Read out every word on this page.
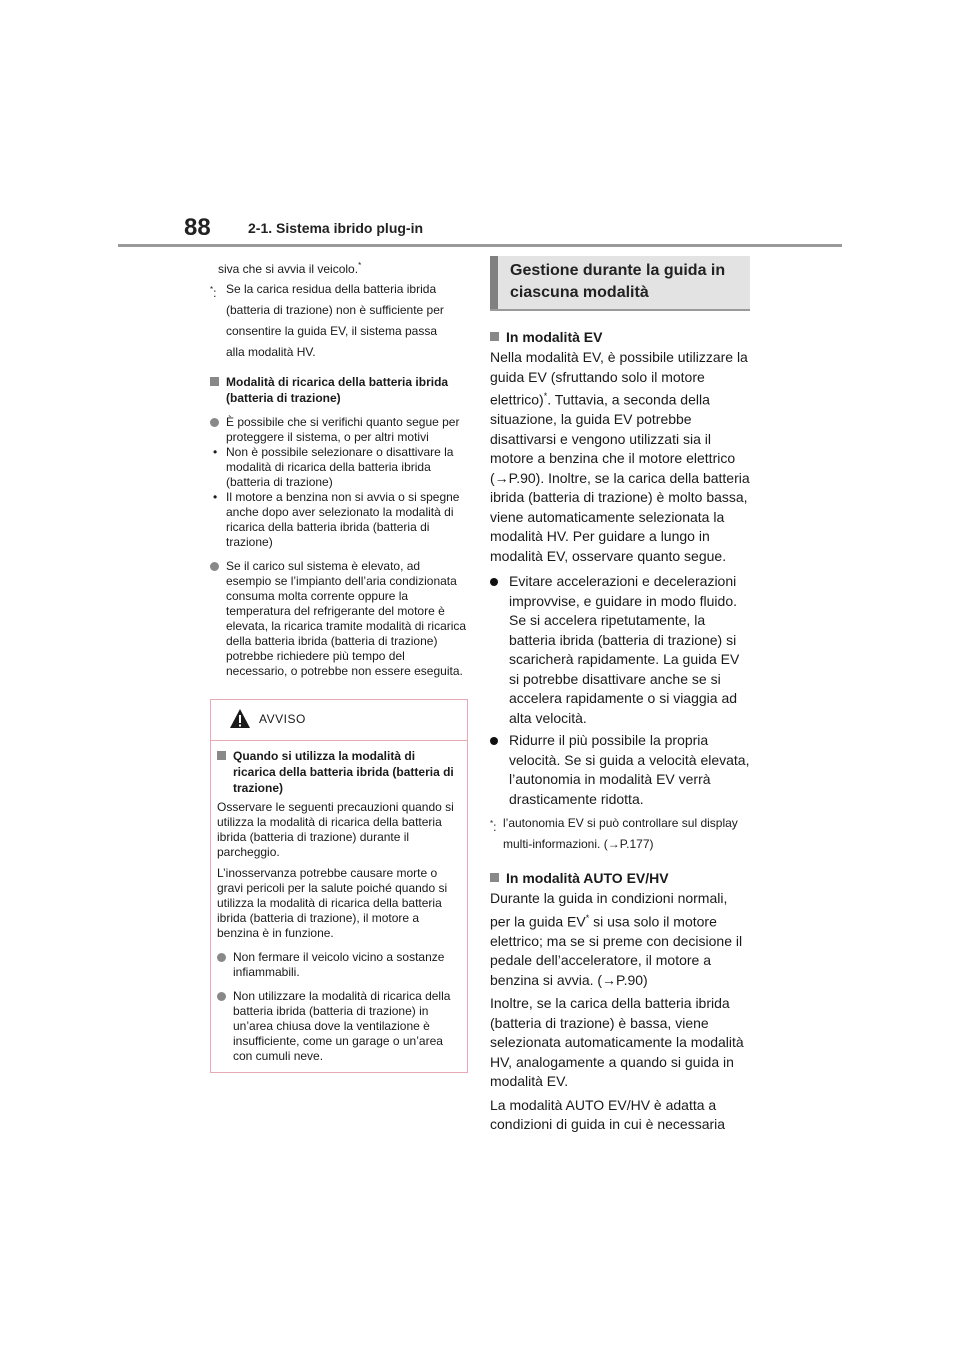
88	2-1. Sistema ibrido plug-in
siva che si avvia il veicolo.*
*: Se la carica residua della batteria ibrida
(batteria di trazione) non è sufficiente per
consentire la guida EV, il sistema passa
alla modalità HV.
Modalità di ricarica della batteria ibrida (batteria di trazione)
È possibile che si verifichi quanto segue per proteggere il sistema, o per altri motivi
• Non è possibile selezionare o disattivare la modalità di ricarica della batteria ibrida (batteria di trazione)
• Il motore a benzina non si avvia o si spegne anche dopo aver selezionato la modalità di ricarica della batteria ibrida (batteria di trazione)
Se il carico sul sistema è elevato, ad esempio se l’impianto dell’aria condizionata consuma molta corrente oppure la temperatura del refrigerante del motore è elevata, la ricarica tramite modalità di ricarica della batteria ibrida (batteria di trazione) potrebbe richiedere più tempo del necessario, o potrebbe non essere eseguita.
AVVISO
Quando si utilizza la modalità di ricarica della batteria ibrida (batteria di trazione)
Osservare le seguenti precauzioni quando si utilizza la modalità di ricarica della batteria ibrida (batteria di trazione) durante il parcheggio.
L’inosservanza potrebbe causare morte o gravi pericoli per la salute poiché quando si utilizza la modalità di ricarica della batteria ibrida (batteria di trazione), il motore a benzina è in funzione.
Non fermare il veicolo vicino a sostanze infiammabili.
Non utilizzare la modalità di ricarica della batteria ibrida (batteria di trazione) in un’area chiusa dove la ventilazione è insufficiente, come un garage o un’area con cumuli neve.
Gestione durante la guida in ciascuna modalità
In modalità EV
Nella modalità EV, è possibile utilizzare la guida EV (sfruttando solo il motore elettrico)*. Tuttavia, a seconda della situazione, la guida EV potrebbe disattivarsi e vengono utilizzati sia il motore a benzina che il motore elettrico (→P.90). Inoltre, se la carica della batteria ibrida (batteria di trazione) è molto bassa, viene automaticamente selezionata la modalità HV. Per guidare a lungo in modalità EV, osservare quanto segue.
Evitare accelerazioni e decelerazioni improvvise, e guidare in modo fluido. Se si accelera ripetutamente, la batteria ibrida (batteria di trazione) si scaricherà rapidamente. La guida EV si potrebbe disattivare anche se si accelera rapidamente o si viaggia ad alta velocità.
Ridurre il più possibile la propria velocità. Se si guida a velocità elevata, l’autonomia in modalità EV verrà drasticamente ridotta.
*: l’autonomia EV si può controllare sul display multi-informazioni. (→P.177)
In modalità AUTO EV/HV
Durante la guida in condizioni normali, per la guida EV* si usa solo il motore elettrico; ma se si preme con decisione il pedale dell’acceleratore, il motore a benzina si avvia. (→P.90)
Inoltre, se la carica della batteria ibrida (batteria di trazione) è bassa, viene selezionata automaticamente la modalità HV, analogamente a quando si guida in modalità EV.
La modalità AUTO EV/HV è adatta a condizioni di guida in cui è necessaria
